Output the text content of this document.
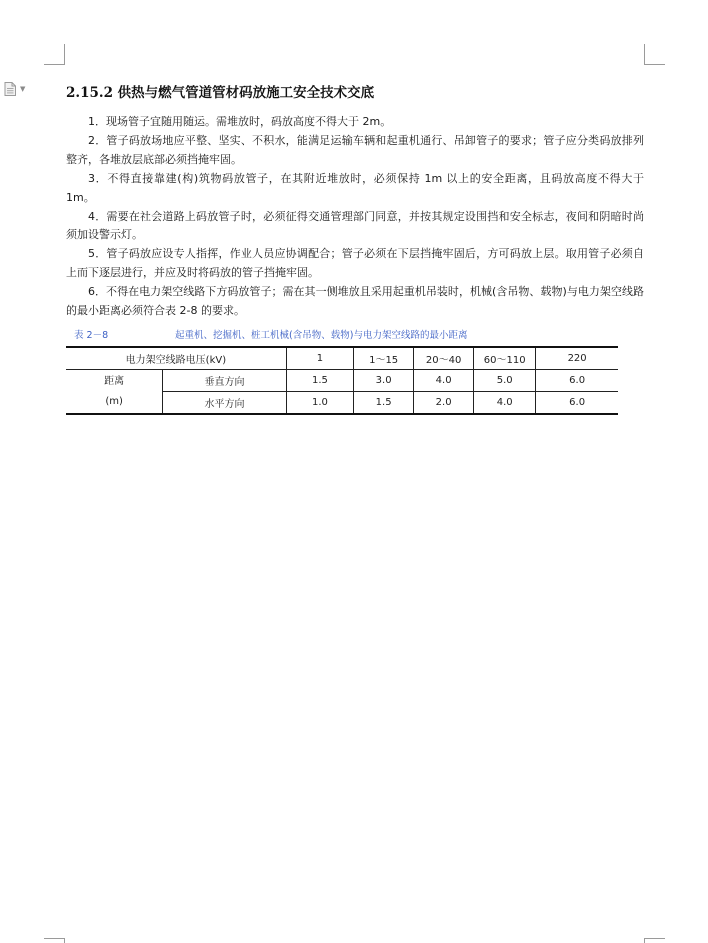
▼	2.15.2 供热与燃气管道管材码放施工安全技术交底

1．现场管子宜随用随运。需堆放时，码放高度不得大于 2m。

2．管子码放场地应平整、坚实、不积水，能满足运输车辆和起重机通行、吊卸管子的要求；管子应分类码放排列整齐，各堆放层底部必须挡掩牢固。

3．不得直接靠建(构)筑物码放管子，在其附近堆放时，必须保持 1m 以上的安全距离，且码放高度不得大于 1m。

4．需要在社会道路上码放管子时，必须征得交通管理部门同意，并按其规定设围挡和安全标志，夜间和阴暗时尚须加设警示灯。

5．管子码放应设专人指挥，作业人员应协调配合；管子必须在下层挡掩牢固后，方可码放上层。取用管子必须自上而下逐层进行，并应及时将码放的管子挡掩牢固。

6．不得在电力架空线路下方码放管子；需在其一侧堆放且采用起重机吊装时，机械(含吊物、载物)与电力架空线路的最小距离必须符合表 2-8 的要求。

表 2－8	起重机、挖掘机、桩工机械(含吊物、载物)与电力架空线路的最小距离
电力架空线路电压(kV)		1	1～15	20～40	60～110	220

距离
(m)	垂直方向	1.5	3.0	4.0	5.0	6.0
	水平方向	1.0	1.5	2.0	4.0	6.0
